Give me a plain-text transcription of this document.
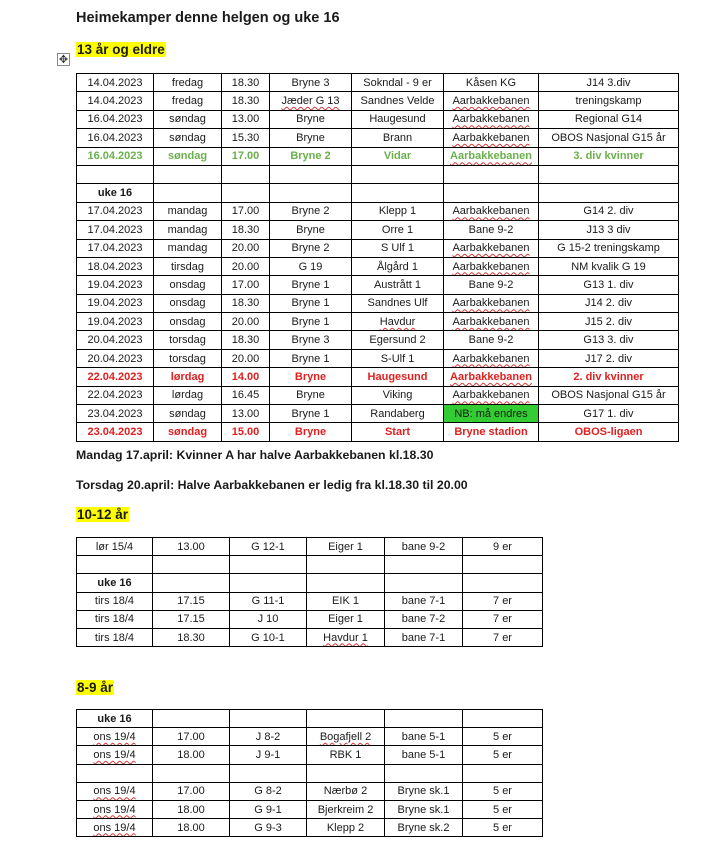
Heimekamper denne helgen og uke 16
✥
13 år og eldre
14.04.2023	fredag	18.30	Bryne 3	Sokndal - 9 er	Kåsen KG	J14 3.div
14.04.2023	fredag	18.30	Jæder G 13	Sandnes Velde	Aarbakkebanen	treningskamp
16.04.2023	søndag	13.00	Bryne	Haugesund	Aarbakkebanen	Regional G14
16.04.2023	søndag	15.30	Bryne	Brann	Aarbakkebanen	OBOS Nasjonal G15 år
16.04.2023	søndag	17.00	Bryne 2	Vidar	Aarbakkebanen	3. div kvinner

uke 16						
17.04.2023	mandag	17.00	Bryne 2	Klepp 1	Aarbakkebanen	G14 2. div
17.04.2023	mandag	18.30	Bryne	Orre 1	Bane 9-2	J13 3 div
17.04.2023	mandag	20.00	Bryne 2	S Ulf 1	Aarbakkebanen	G 15-2 treningskamp
18.04.2023	tirsdag	20.00	G 19	Ålgård 1	Aarbakkebanen	NM kvalik G 19
19.04.2023	onsdag	17.00	Bryne 1	Austrått 1	Bane 9-2	G13 1. div
19.04.2023	onsdag	18.30	Bryne 1	Sandnes Ulf	Aarbakkebanen	J14 2. div
19.04.2023	onsdag	20.00	Bryne 1	Havdur	Aarbakkebanen	J15 2. div
20.04.2023	torsdag	18.30	Bryne 3	Egersund 2	Bane 9-2	G13 3. div
20.04.2023	torsdag	20.00	Bryne 1	S-Ulf 1	Aarbakkebanen	J17 2. div
22.04.2023	lørdag	14.00	Bryne	Haugesund	Aarbakkebanen	2. div kvinner
22.04.2023	lørdag	16.45	Bryne	Viking	Aarbakkebanen	OBOS Nasjonal G15 år
23.04.2023	søndag	13.00	Bryne 1	Randaberg	NB: må endres	G17 1. div
23.04.2023	søndag	15.00	Bryne	Start	Bryne stadion	OBOS-ligaen

Mandag 17.april: Kvinner A har halve Aarbakkebanen kl.18.30

Torsdag 20.april: Halve Aarbakkebanen er ledig fra kl.18.30 til 20.00

10-12 år
lør 15/4	13.00	G 12-1	Eiger 1	bane 9-2	9 er

uke 16					
tirs 18/4	17.15	G 11-1	EIK 1	bane 7-1	7 er
tirs 18/4	17.15	J 10	Eiger 1	bane 7-2	7 er
tirs 18/4	18.30	G 10-1	Havdur 1	bane 7-1	7 er
8-9 år
uke 16					
ons 19/4	17.00	J 8-2	Bogafjell 2	bane 5-1	5 er
ons 19/4	18.00	J 9-1	RBK 1	bane 5-1	5 er

ons 19/4	17.00	G 8-2	Nærbø 2	Bryne sk.1	5 er
ons 19/4	18.00	G 9-1	Bjerkreim 2	Bryne sk.1	5 er
ons 19/4	18.00	G 9-3	Klepp 2	Bryne sk.2	5 er
